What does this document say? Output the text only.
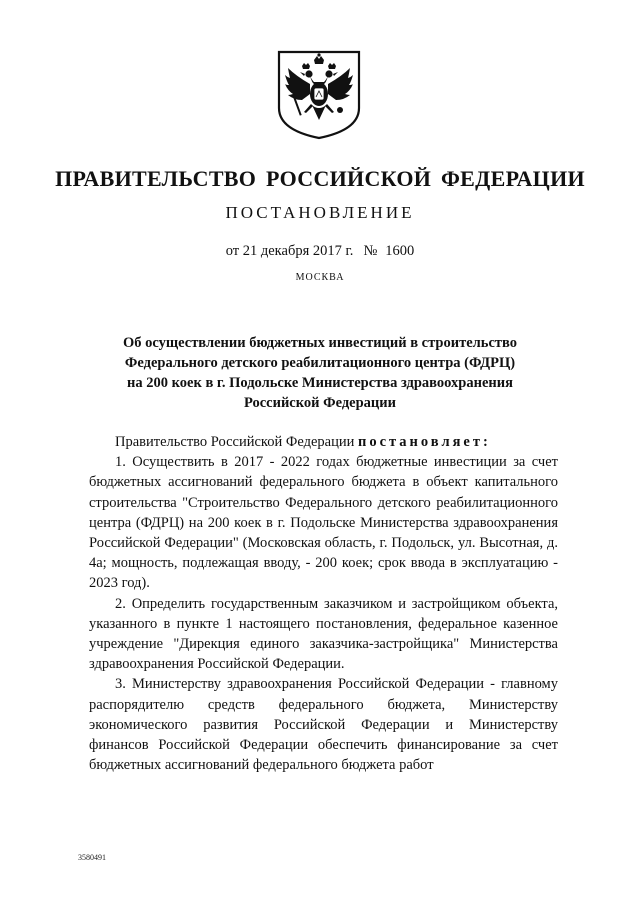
ПРАВИТЕЛЬСТВО РОССИЙСКОЙ ФЕДЕРАЦИИ
ПОСТАНОВЛЕНИЕ
от 21 декабря 2017 г. № 1600
МОСКВА
Об осуществлении бюджетных инвестиций в строительство
Федерального детского реабилитационного центра (ФДРЦ)
на 200 коек в г. Подольске Министерства здравоохранения
Российской Федерации

Правительство Российской Федерации постановляет:

1. Осуществить в 2017 - 2022 годах бюджетные инвестиции за счет бюджетных ассигнований федерального бюджета в объект капитального строительства "Строительство Федерального детского реабилитационного центра (ФДРЦ) на 200 коек в г. Подольске Министерства здравоохранения Российской Федерации" (Московская область, г. Подольск, ул. Высотная, д. 4а; мощность, подлежащая вводу, - 200 коек; срок ввода в эксплуатацию - 2023 год).

2. Определить государственным заказчиком и застройщиком объекта, указанного в пункте 1 настоящего постановления, федеральное казенное учреждение "Дирекция единого заказчика-застройщика" Министерства здравоохранения Российской Федерации.

3. Министерству здравоохранения Российской Федерации - главному распорядителю средств федерального бюджета, Министерству экономического развития Российской Федерации и Министерству финансов Российской Федерации обеспечить финансирование за счет бюджетных ассигнований федерального бюджета работ

3580491
